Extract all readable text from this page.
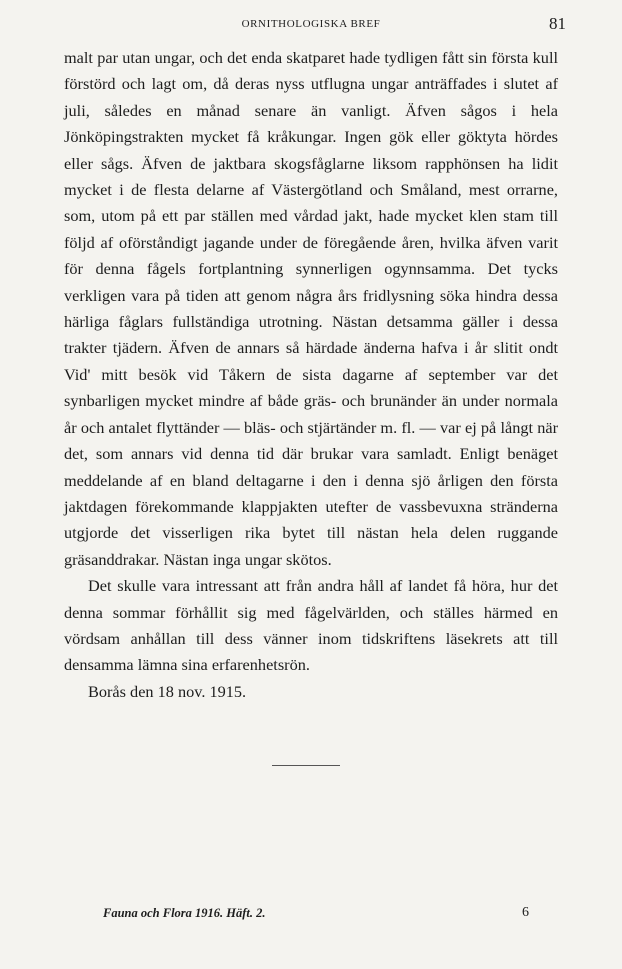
ORNITHOLOGISKA BREF	81

malt par utan ungar, och det enda skatparet hade tydligen fått sin första kull förstörd och lagt om, då deras nyss utflugna ungar anträffades i slutet af juli, således en månad senare än vanligt. Äfven sågos i hela Jönköpingstrakten mycket få kråkungar. Ingen gök eller göktyta hördes eller sågs. Äfven de jaktbara skogsfåglarne liksom rapphönsen ha lidit mycket i de flesta delarne af Västergötland och Småland, mest orrarne, som, utom på ett par ställen med vårdad jakt, hade mycket klen stam till följd af oförståndigt jagande under de föregående åren, hvilka äfven varit för denna fågels fortplantning synnerligen ogynnsamma. Det tycks verkligen vara på tiden att genom några års fridlysning söka hindra dessa härliga fåglars fullständiga utrotning. Nästan detsamma gäller i dessa trakter tjädern. Äfven de annars så härdade änderna hafva i år slitit ondt Vid' mitt besök vid Tåkern de sista dagarne af september var det synbarligen mycket mindre af både gräs- och brunänder än under normala år och antalet flyttänder — bläs- och stjärtänder m. fl. — var ej på långt när det, som annars vid denna tid där brukar vara samladt. Enligt benäget meddelande af en bland deltagarne i den i denna sjö årligen den första jaktdagen förekommande klappjakten utefter de vassbevuxna stränderna utgjorde det visserligen rika bytet till nästan hela delen ruggande gräsanddrakar. Nästan inga ungar skötos.

Det skulle vara intressant att från andra håll af landet få höra, hur det denna sommar förhållit sig med fågelvärlden, och ställes härmed en vördsam anhållan till dess vänner inom tidskriftens läsekrets att till densamma lämna sina erfarenhetsrön.

Borås den 18 nov. 1915.

Fauna och Flora 1916. Häft. 2.	6
